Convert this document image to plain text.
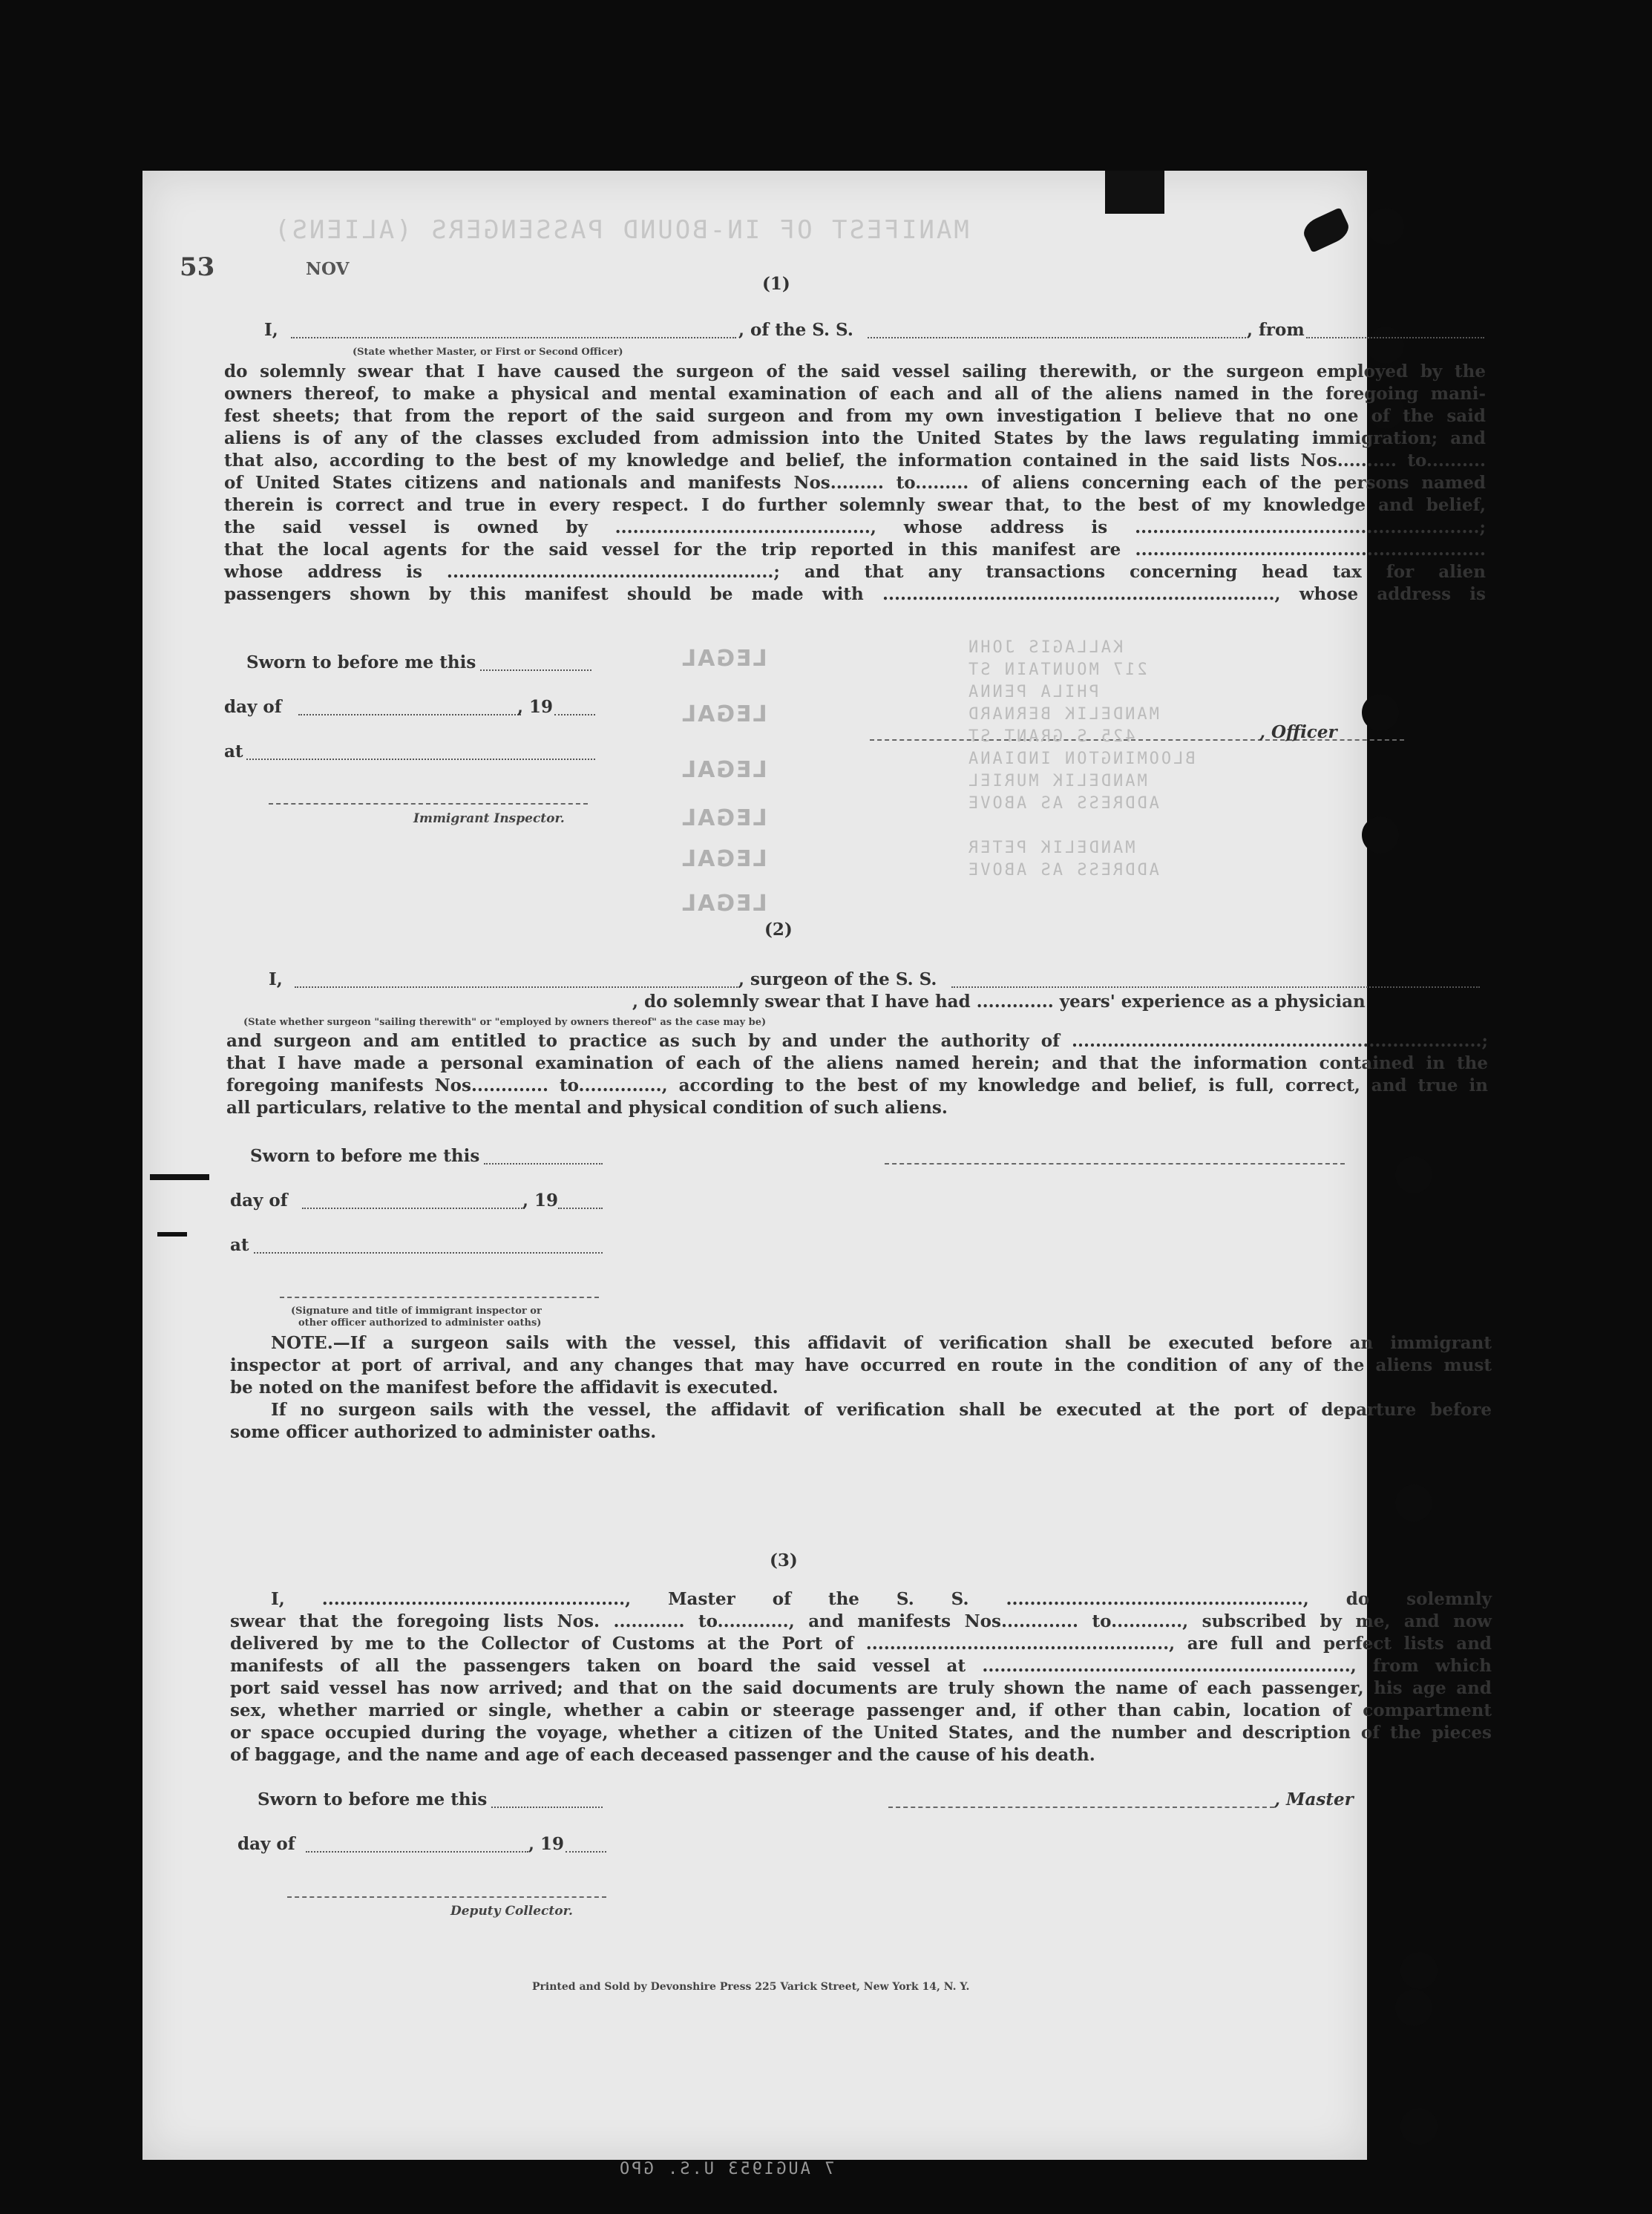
MANIFEST OF IN-BOUND PASSENGERS (ALIENS)
53	NOV
(1)
I,	, of the S. S.	, from
(State whether Master, or First or Second Officer)
do solemnly swear that I have caused the surgeon of the said vessel sailing therewith, or the surgeon employed by the
owners thereof, to make a physical and mental examination of each and all of the aliens named in the foregoing mani-
fest sheets; that from the report of the said surgeon and from my own investigation I believe that no one of the said
aliens is of any of the classes excluded from admission into the United States by the laws regulating immigration; and
that also, according to the best of my knowledge and belief, the information contained in the said lists Nos.......... to..........
of United States citizens and nationals and manifests Nos......... to......... of aliens concerning each of the persons named
therein is correct and true in every respect. I do further solemnly swear that, to the best of my knowledge and belief,
the said vessel is owned by ..........................................., whose address is ..........................................................;
that the local agents for the said vessel for the trip reported in this manifest are ...........................................................
whose address is .......................................................; and that any transactions concerning head tax for alien
passengers shown by this manifest should be made with .................................................................., whose address is
Sworn to before me this
day of	, 19
at
Immigrant Inspector.
, Officer
LEGAL
LEGAL
LEGAL
LEGAL
LEGAL
LEGAL
KALLAGIS JOHN
217 MOUNTAIN ST
PHILA PENNA
MANDELIK BERNARD
425 S GRANT ST
BLOOMINGTON INDIANA
MANDELIK MURIEL
ADDRESS AS ABOVE
MANDELIK PETER
ADDRESS AS ABOVE
(2)
I,	, surgeon of the S. S.
, do solemnly swear that I have had ............. years' experience as a physician
(State whether surgeon "sailing therewith" or "employed by owners thereof" as the case may be)
and surgeon and am entitled to practice as such by and under the authority of .....................................................................;
that I have made a personal examination of each of the aliens named herein; and that the information contained in the
foregoing manifests Nos............. to.............., according to the best of my knowledge and belief, is full, correct, and true in
all particulars, relative to the mental and physical condition of such aliens.
Sworn to before me this
day of	, 19
at
(Signature and title of immigrant inspector or
other officer authorized to administer oaths)
NOTE.—If a surgeon sails with the vessel, this affidavit of verification shall be executed before an immigrant
inspector at port of arrival, and any changes that may have occurred en route in the condition of any of the aliens must
be noted on the manifest before the affidavit is executed.
If no surgeon sails with the vessel, the affidavit of verification shall be executed at the port of departure before
some officer authorized to administer oaths.
(3)
I, ..................................................., Master of the S. S. .................................................., do solemnly
swear that the foregoing lists Nos. ............ to............, and manifests Nos............. to............, subscribed by me, and now
delivered by me to the Collector of Customs at the Port of ..................................................., are full and perfect lists and
manifests of all the passengers taken on board the said vessel at .............................................................., from which
port said vessel has now arrived; and that on the said documents are truly shown the name of each passenger, his age and
sex, whether married or single, whether a cabin or steerage passenger and, if other than cabin, location of compartment
or space occupied during the voyage, whether a citizen of the United States, and the number and description of the pieces
of baggage, and the name and age of each deceased passenger and the cause of his death.
Sworn to before me this	, Master
day of	, 19
Deputy Collector.
Printed and Sold by Devonshire Press 225 Varick Street, New York 14, N. Y.
7 AUG1953 U.S. GPO
